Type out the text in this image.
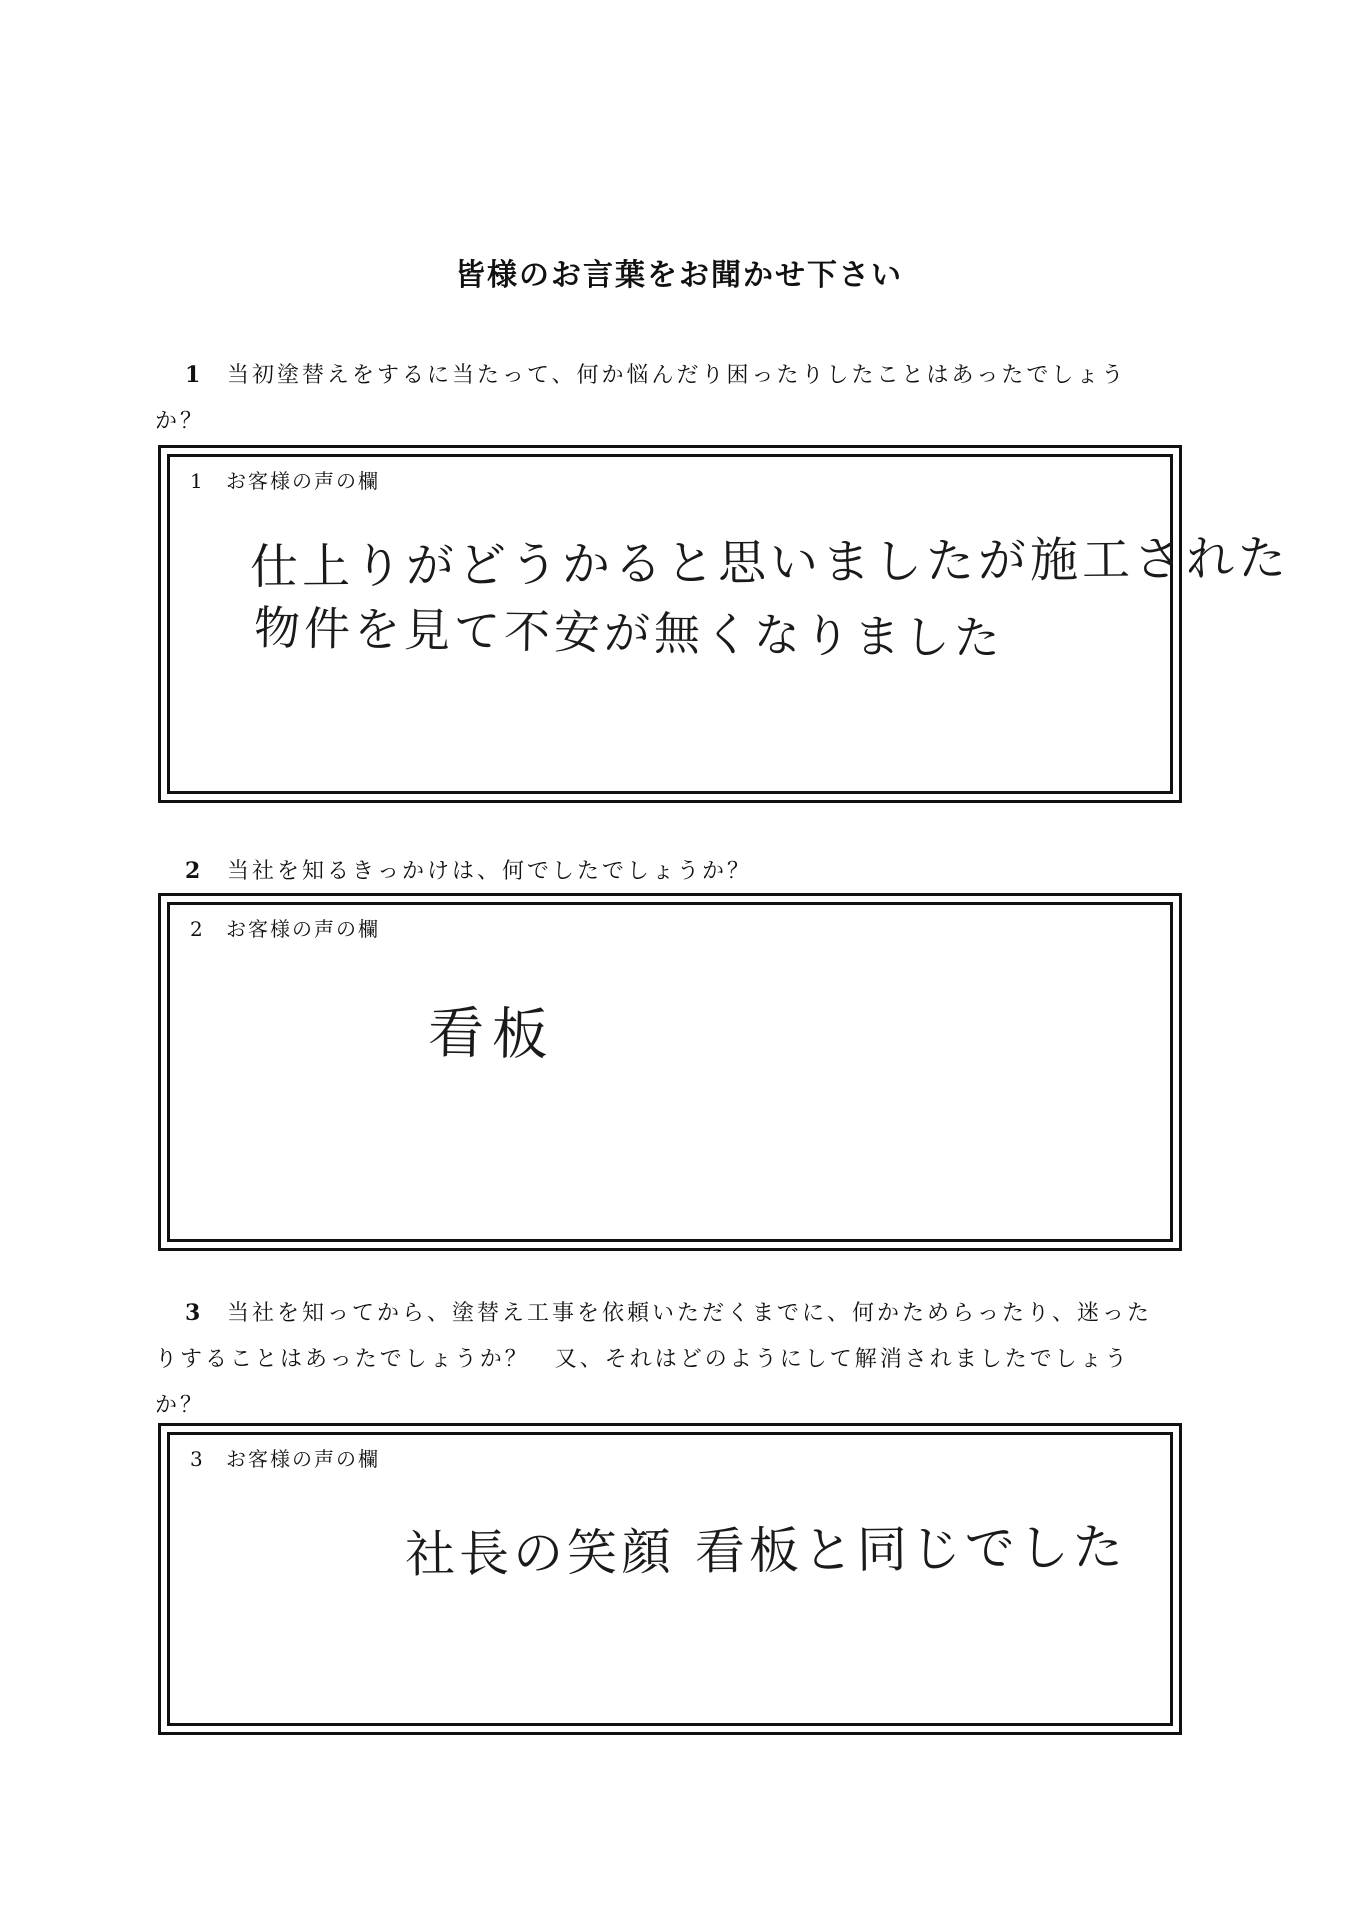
皆様のお言葉をお聞かせ下さい
1 当初塗替えをするに当たって、何か悩んだり困ったりしたことはあったでしょう
か？
1 お客様の声の欄
仕上りがどうかると思いましたが施工された
物件を見て不安が無くなりました
2 当社を知るきっかけは、何でしたでしょうか？
2 お客様の声の欄
看板
3 当社を知ってから、塗替え工事を依頼いただくまでに、何かためらったり、迷った
りすることはあったでしょうか？　又、それはどのようにして解消されましたでしょう
か？
3 お客様の声の欄
社長の笑顔 看板と同じでした
